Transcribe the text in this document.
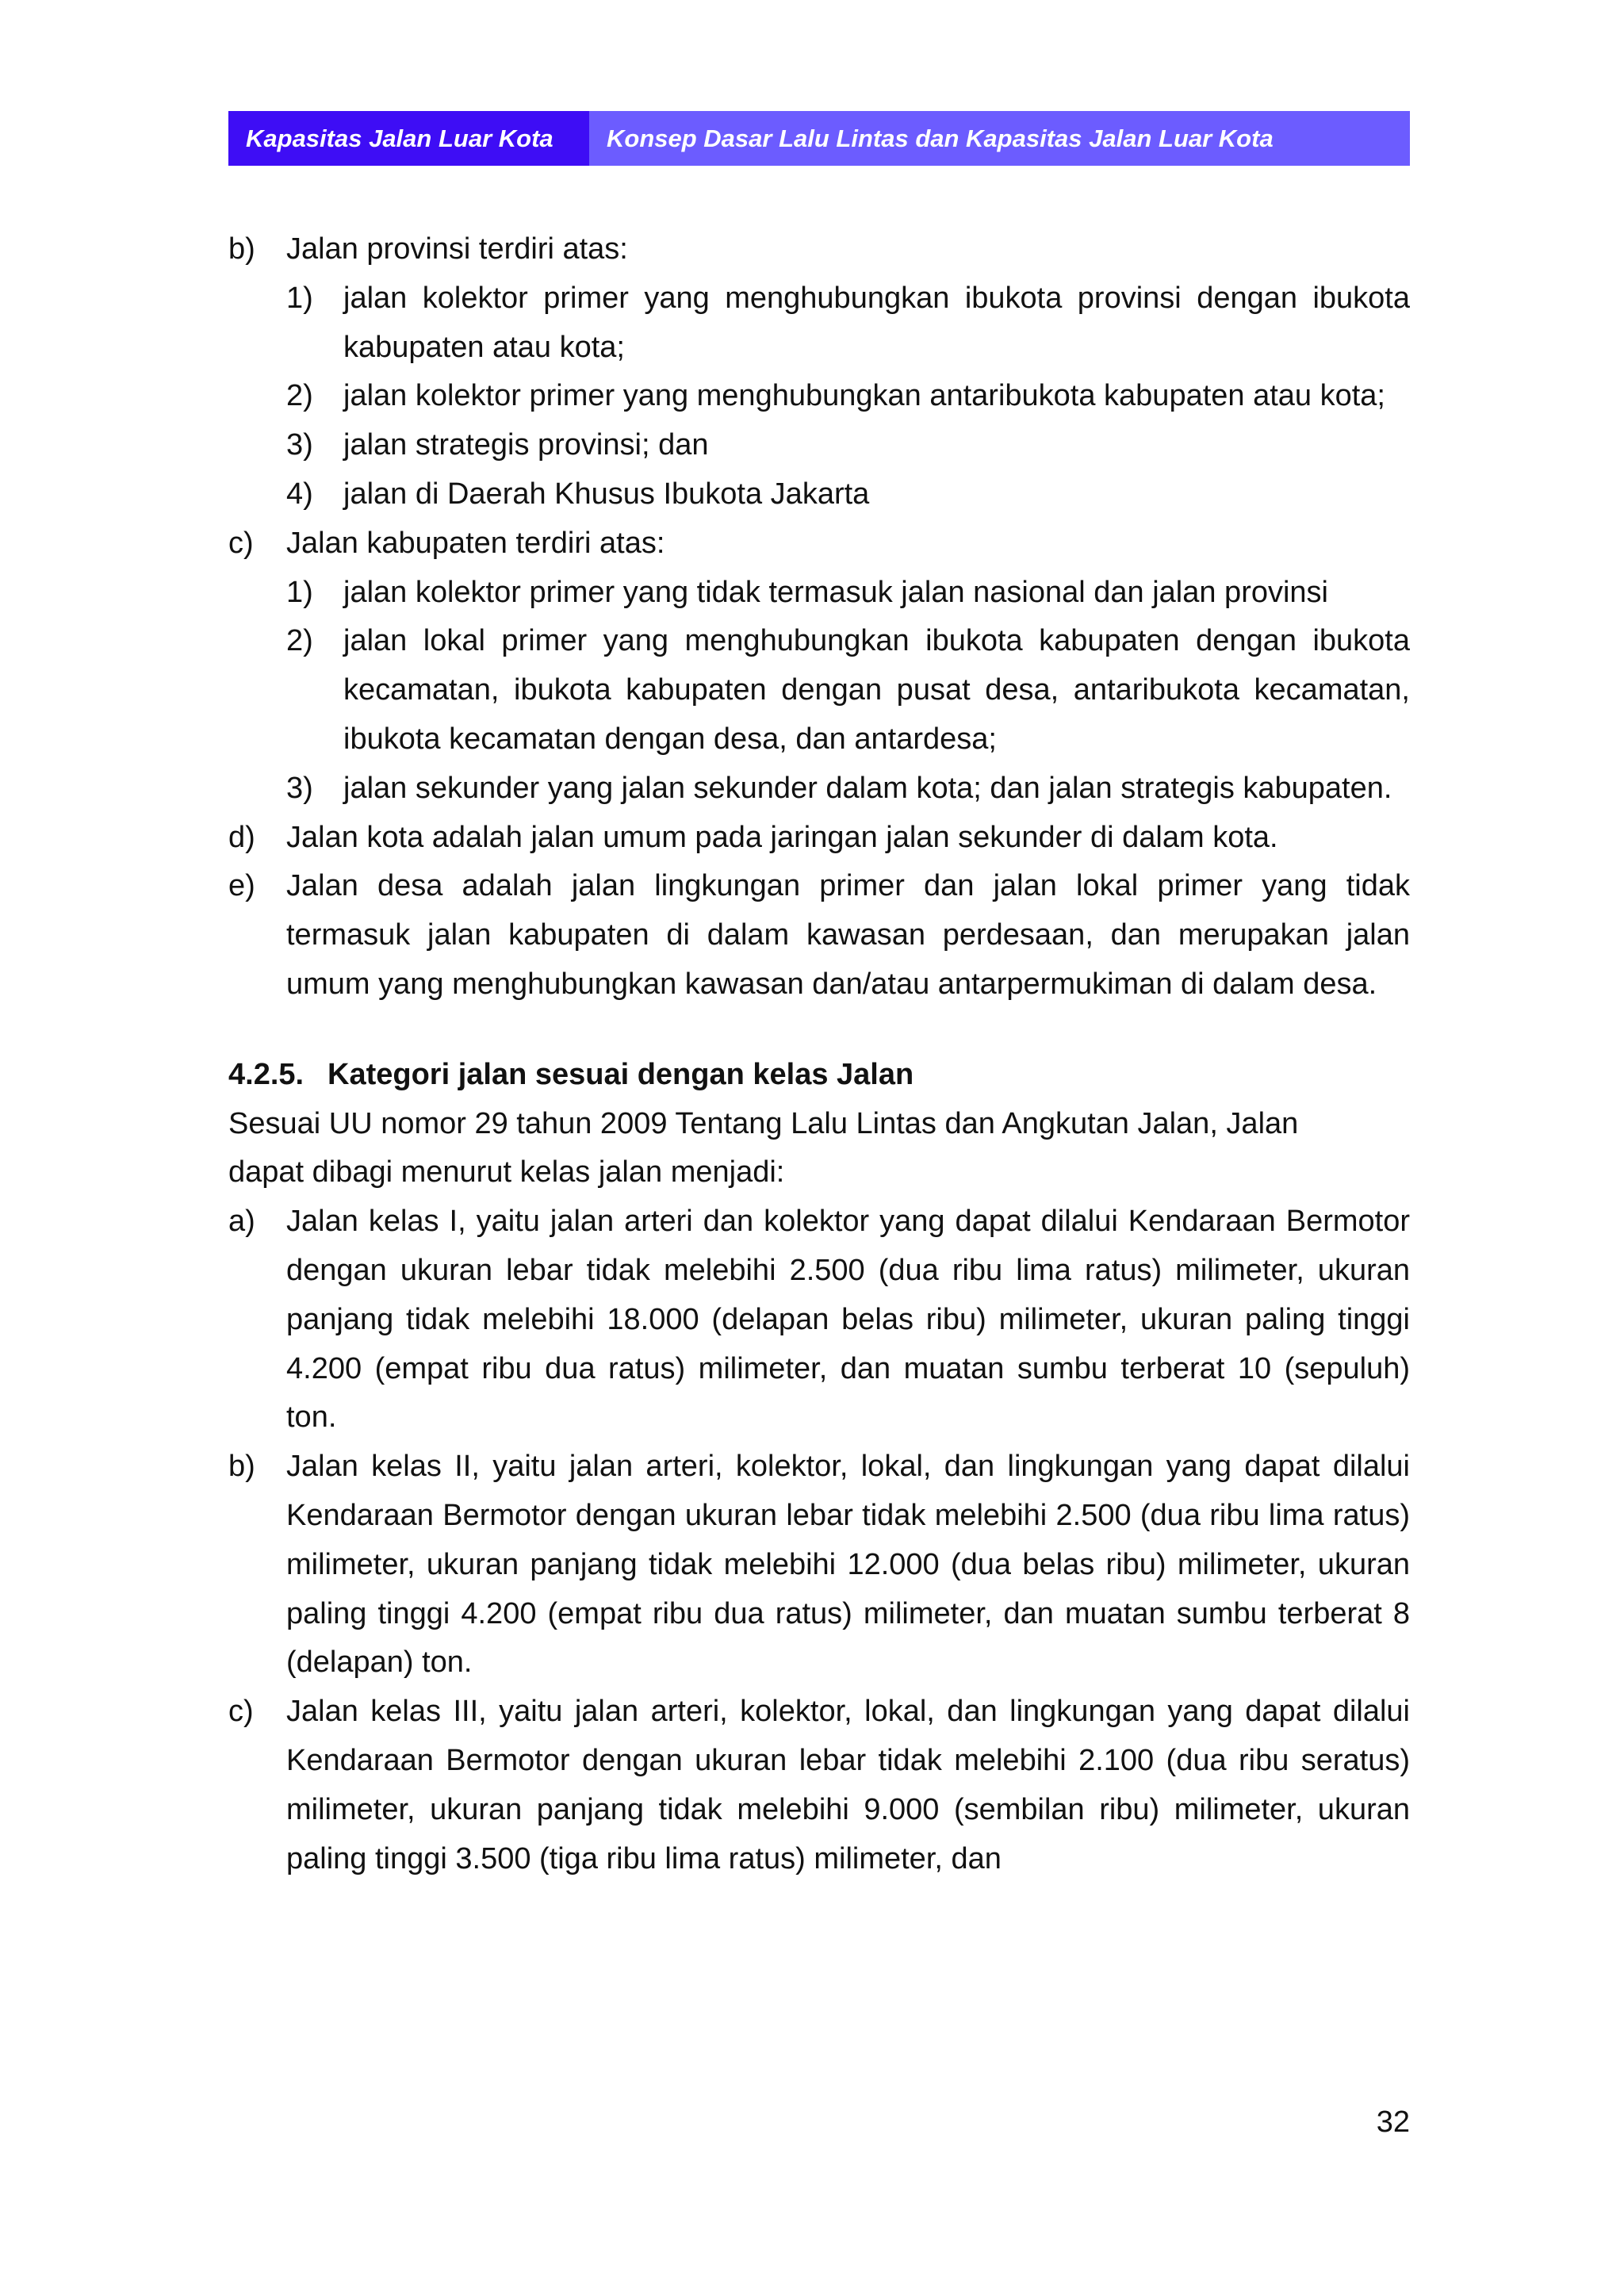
Kapasitas Jalan Luar Kota	Konsep Dasar Lalu Lintas dan Kapasitas Jalan Luar Kota
b)	Jalan provinsi terdiri atas:
1)	jalan kolektor primer yang menghubungkan ibukota provinsi dengan ibukota kabupaten atau kota;
2)	jalan kolektor primer yang menghubungkan antaribukota kabupaten atau kota;
3)	jalan strategis provinsi; dan
4)	jalan di Daerah Khusus Ibukota Jakarta
c)	Jalan kabupaten terdiri atas:
1)	jalan kolektor primer yang tidak termasuk jalan nasional dan jalan provinsi
2)	jalan lokal primer yang menghubungkan ibukota kabupaten dengan ibukota kecamatan, ibukota kabupaten dengan pusat desa, antaribukota kecamatan, ibukota kecamatan dengan desa, dan antardesa;
3)	jalan sekunder yang jalan sekunder dalam kota; dan jalan strategis kabupaten.
d)	Jalan kota adalah jalan umum pada jaringan jalan sekunder di dalam kota.
e)	Jalan desa adalah jalan lingkungan primer dan jalan lokal primer yang tidak termasuk jalan kabupaten di dalam kawasan perdesaan, dan merupakan jalan umum yang menghubungkan kawasan dan/atau antarpermukiman di dalam desa.
4.2.5. Kategori jalan sesuai dengan kelas Jalan
Sesuai UU nomor 29 tahun 2009 Tentang Lalu Lintas dan Angkutan Jalan, Jalan
dapat dibagi menurut kelas jalan menjadi:
a)	Jalan kelas I, yaitu jalan arteri dan kolektor yang dapat dilalui Kendaraan Bermotor dengan ukuran lebar tidak melebihi 2.500 (dua ribu lima ratus) milimeter, ukuran panjang tidak melebihi 18.000 (delapan belas ribu) milimeter, ukuran paling tinggi 4.200 (empat ribu dua ratus) milimeter, dan muatan sumbu terberat 10 (sepuluh) ton.
b)	Jalan kelas II, yaitu jalan arteri, kolektor, lokal, dan lingkungan yang dapat dilalui Kendaraan Bermotor dengan ukuran lebar tidak melebihi 2.500 (dua ribu lima ratus) milimeter, ukuran panjang tidak melebihi 12.000 (dua belas ribu) milimeter, ukuran paling tinggi 4.200 (empat ribu dua ratus) milimeter, dan muatan sumbu terberat 8 (delapan) ton.
c)	Jalan kelas III, yaitu jalan arteri, kolektor, lokal, dan lingkungan yang dapat dilalui Kendaraan Bermotor dengan ukuran lebar tidak melebihi 2.100 (dua ribu seratus) milimeter, ukuran panjang tidak melebihi 9.000 (sembilan ribu) milimeter, ukuran paling tinggi 3.500 (tiga ribu lima ratus) milimeter, dan
32
